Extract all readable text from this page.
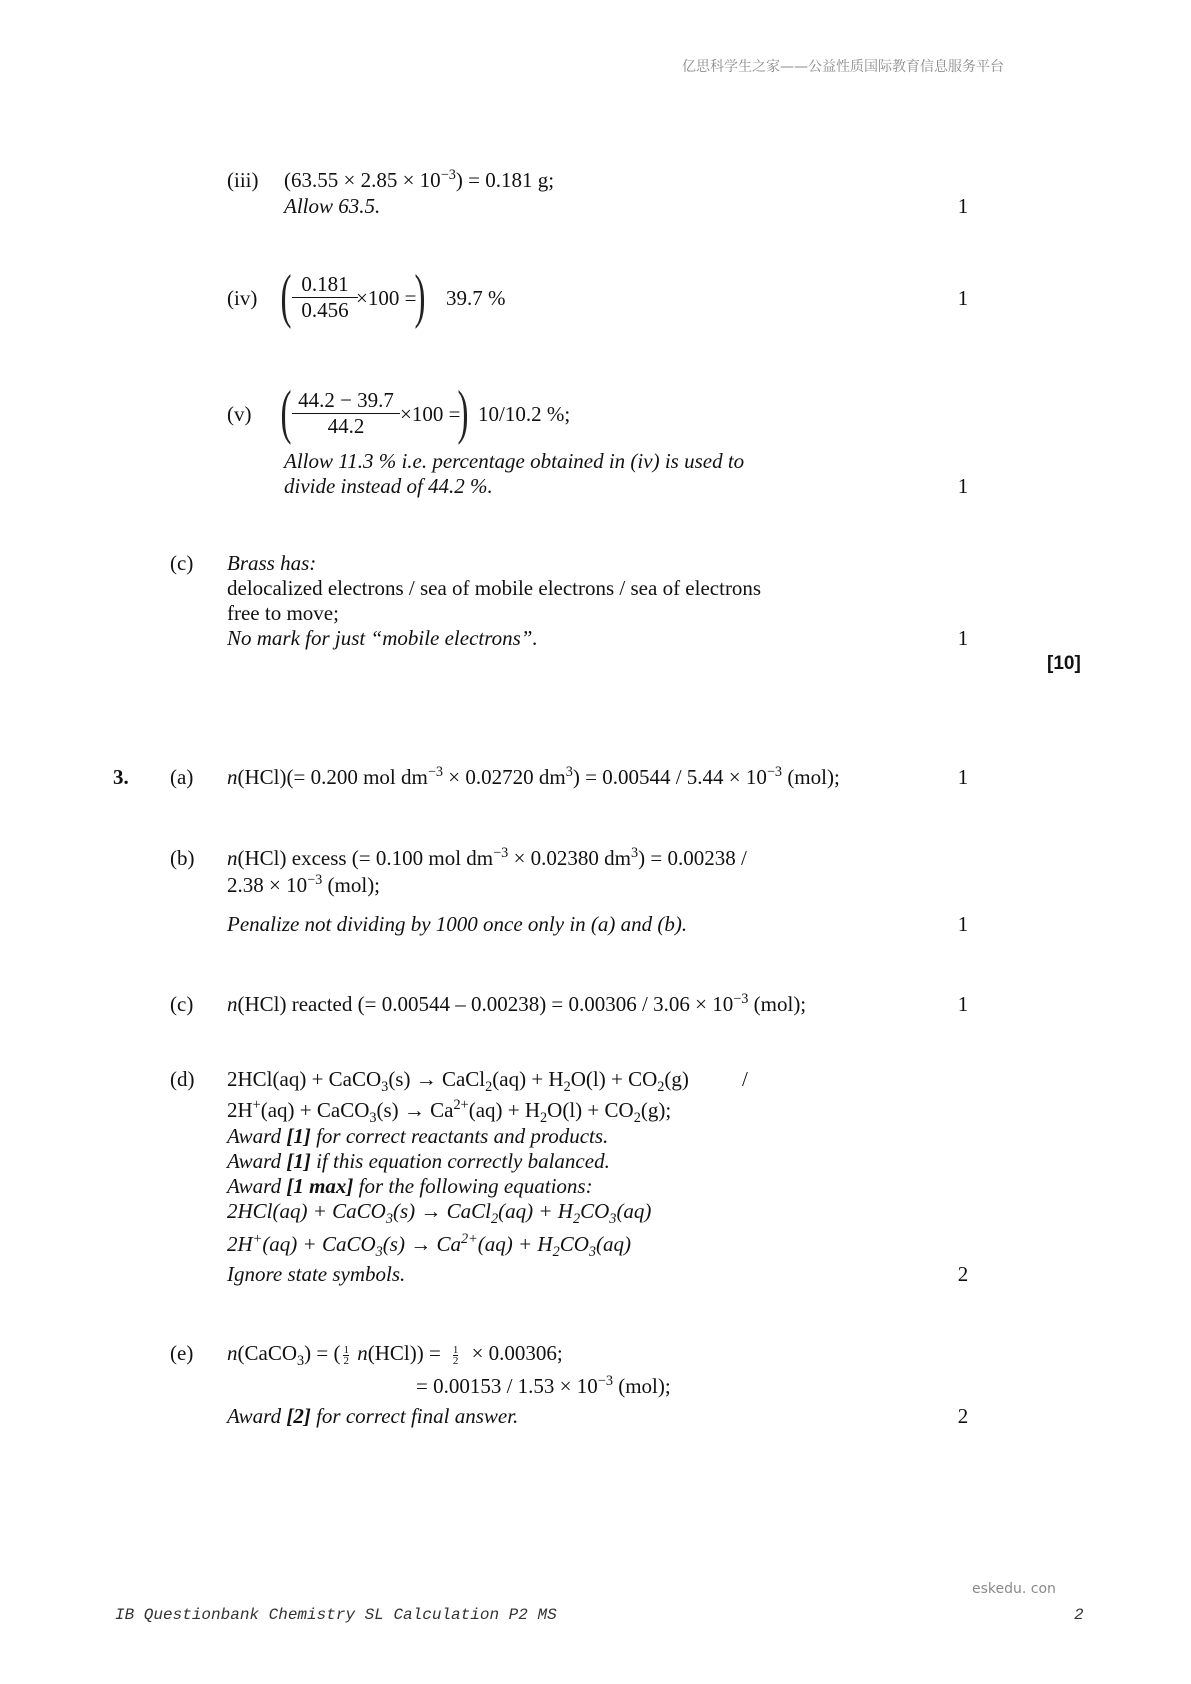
亿思科学生之家——公益性质国际教育信息服务平台
(iii) $(63.55 \times 2.85 \times 10^{-3}) = 0.181$ g;
Allow 63.5.	1
(iv) ( 0.181
0.456 ×100 =
) 39.7 %	1
(v) ( 44.2 − 39.7
44.2	×100 =
) 10/10.2 %;
Allow 11.3 % i.e. percentage obtained in (iv) is used to
divide instead of 44.2 %.	1
(c) Brass has:
delocalized electrons / sea of mobile electrons / sea of electrons
free to move;
No mark for just “mobile electrons”.	1
[10]
3. (a) n(HCl)(= 0.200 mol $dm^{-3} \times 0.02720$ $dm^3) = 0.00544 / 5.44 \times 10^{-3}$ (mol);	1
(b) n(HCl) excess (= 0.100 mol $dm^{-3} \times 0.02380$ $dm^3) = 0.00238$ /
$2.38 \times 10^{-3}$ (mol);
Penalize not dividing by 1000 once only in (a) and (b).	1
(c) n(HCl) reacted (= $0.00544 - 0.00238) = 0.00306 / 3.06 \times 10^{-3}$ (mol);	1
(d) 2HCl(aq) + CaCO$_3$(s) → CaCl$_2$(aq) + $H_2O(l) + CO_2(g)$	/
2H+(aq) + CaCO$_3$(s) → $Ca^{2+}(aq) + H_2O(l) + CO_2(g)$;
Award [1] for correct reactants and products.
Award [1] if this equation correctly balanced.
Award [1 max] for the following equations:
2HCl(aq) + CaCO$_3$(s) → CaCl$_2$(aq) + $H_2CO_3(aq)$
2H+(aq) + CaCO$_3$(s) → $Ca^{2+}(aq) + H_2CO_3(aq)$
Ignore state symbols.	2
(e) n(CaCO$_3$) = ( $\frac{1}{2} n(HCl)) = \frac{1}{2} \times 0.00306$;
= $0.00153 / 1.53 \times 10^{-3}$ (mol);
Award [2] for correct final answer.	2
eskedu. con
IB Questionbank Chemistry SL Calculation P2 MS	2
